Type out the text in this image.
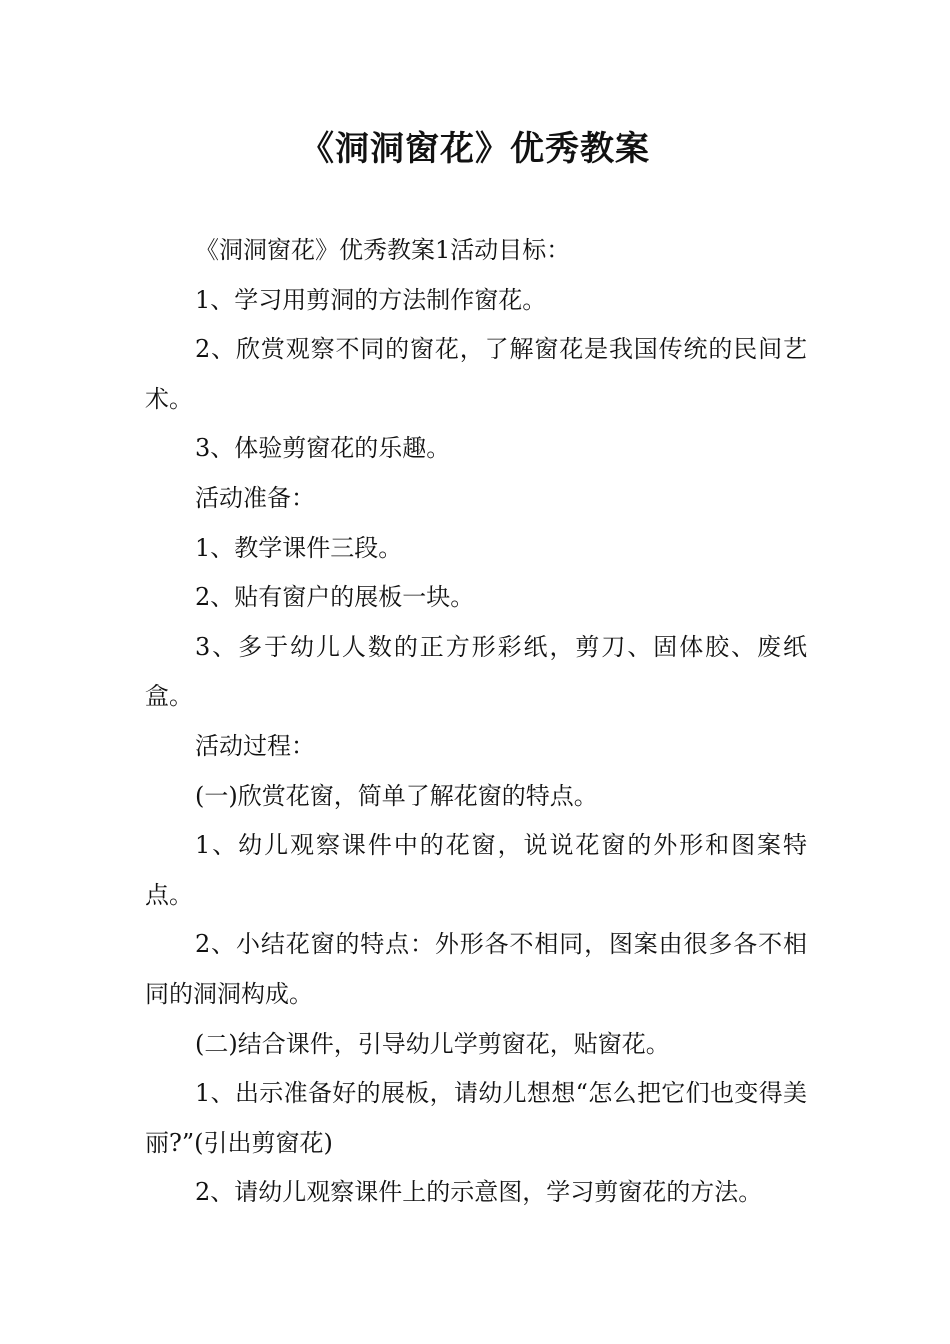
《洞洞窗花》优秀教案

《洞洞窗花》优秀教案1活动目标：

1、学习用剪洞的方法制作窗花。

2、欣赏观察不同的窗花，了解窗花是我国传统的民间艺术。

3、体验剪窗花的乐趣。

活动准备：

1、教学课件三段。

2、贴有窗户的展板一块。

3、多于幼儿人数的正方形彩纸，剪刀、固体胶、废纸盒。

活动过程：

(一)欣赏花窗，简单了解花窗的特点。

1、幼儿观察课件中的花窗，说说花窗的外形和图案特点。

2、小结花窗的特点：外形各不相同，图案由很多各不相同的洞洞构成。

(二)结合课件，引导幼儿学剪窗花，贴窗花。

1、出示准备好的展板，请幼儿想想“怎么把它们也变得美丽?”(引出剪窗花)

2、请幼儿观察课件上的示意图，学习剪窗花的方法。
